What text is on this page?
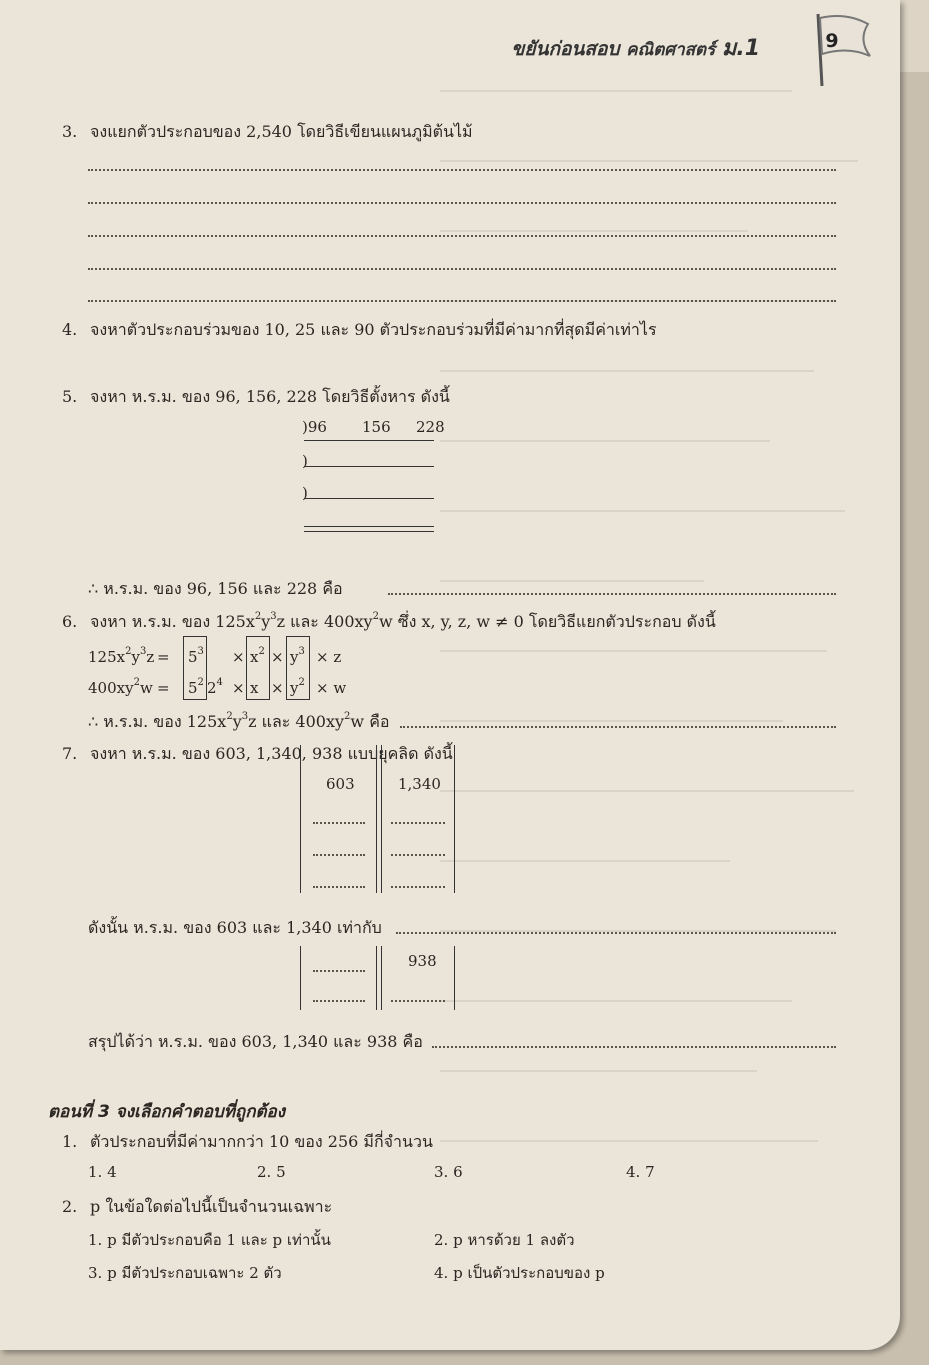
ขยันก่อนสอบ คณิตศาสตร์ ม.1	9
3. จงแยกตัวประกอบของ 2,540 โดยวิธีเขียนแผนภูมิต้นไม้
4. จงหาตัวประกอบร่วมของ 10, 25 และ 90 ตัวประกอบร่วมที่มีค่ามากที่สุดมีค่าเท่าไร
5. จงหา ห.ร.ม. ของ 96, 156, 228 โดยวิธีตั้งหาร ดังนี้
)96 156 228
)
)
∴ ห.ร.ม. ของ 96, 156 และ 228 คือ
6. จงหา ห.ร.ม. ของ $125x^2y^3z$ และ $400xy^2w$ ซึ่ง x, y, z, w ≠ 0 โดยวิธีแยกตัวประกอบ ดังนี้
$125x^2y^3z = 5^3 \times x^2 \times y^3 \times z$
$400xy^2w = 5^2$ $2^4 \times x \times y^2 \times w$
∴ ห.ร.ม. ของ $125x^2y^3z$ และ $400xy^2w$ คือ
7. จงหา ห.ร.ม. ของ 603, 1,340, 938 แบบยุคลิด ดังนี้
603	1,340
ดังนั้น ห.ร.ม. ของ 603 และ 1,340 เท่ากับ
938
สรุปได้ว่า ห.ร.ม. ของ 603, 1,340 และ 938 คือ
ตอนที่ 3 จงเลือกคำตอบที่ถูกต้อง
1. ตัวประกอบที่มีค่ามากกว่า 10 ของ 256 มีกี่จำนวน
1. 4	2. 5	3. 6	4. 7
2. p ในข้อใดต่อไปนี้เป็นจำนวนเฉพาะ
1. p มีตัวประกอบคือ 1 และ p เท่านั้น	2. p หารด้วย 1 ลงตัว
3. p มีตัวประกอบเฉพาะ 2 ตัว	4. p เป็นตัวประกอบของ p
